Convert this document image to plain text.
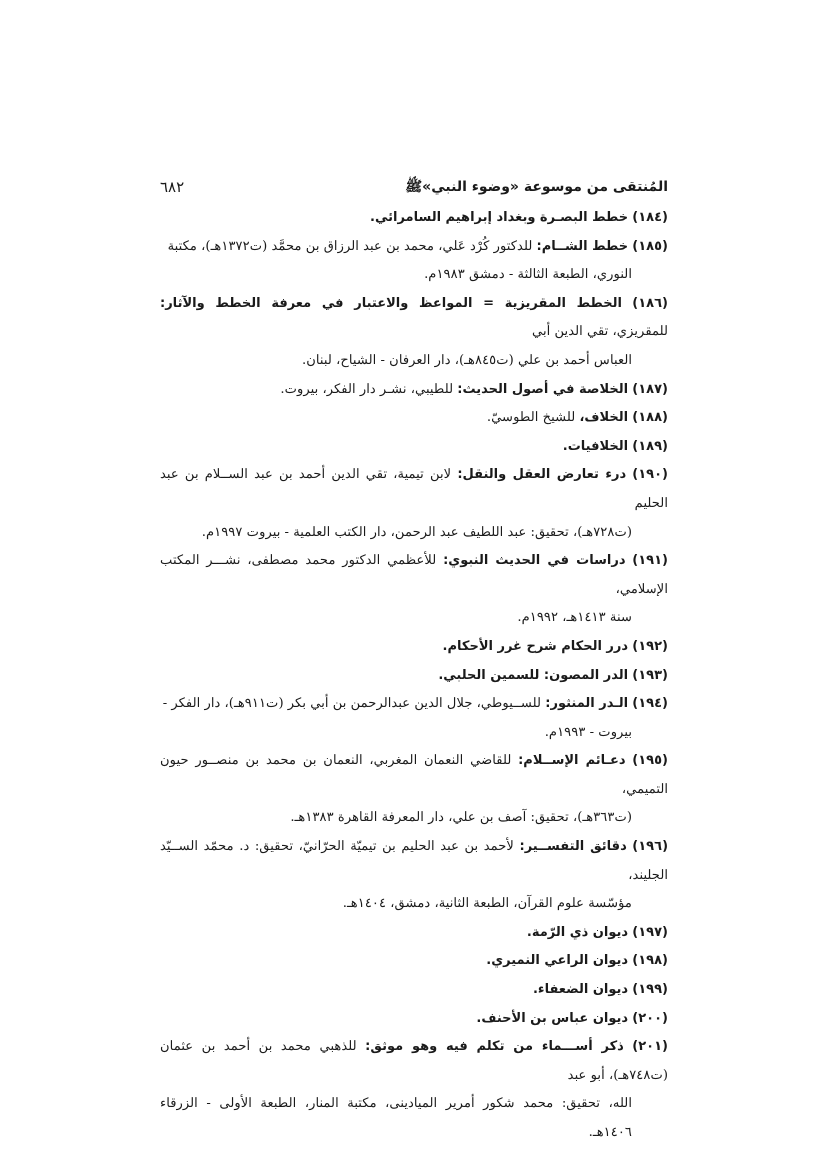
المُنتقى من موسوعة «وضوء النبي»ﷺ
٦٨٢

(١٨٤) خطط البصـرة وبغداد إبراهيم السامرائي.

(١٨٥) خطط الشــام: للدكتور كُرْد عَلي، محمد بن عبد الرزاق بن محمَّد (ت١٣٧٢هـ)، مكتبة
النوري، الطبعة الثالثة - دمشق ١٩٨٣م.

(١٨٦) الخطط المقريزية = المواعظ والاعتبار في معرفة الخطط والآثار: للمقريزي، تقي الدين أبي
العباس أحمد بن علي (ت٨٤٥هـ)، دار العرفان - الشياح، لبنان.

(١٨٧) الخلاصة في أصول الحديث: للطيبي، نشـر دار الفكر، بيروت.

(١٨٨) الخلاف، للشيخ الطوسيّ.

(١٨٩) الخلافيات.

(١٩٠) درء تعارض العقل والنقل: لابن تيمية، تقي الدين أحمد بن عبد الســلام بن عبد الحليم
(ت٧٢٨هـ)، تحقيق: عبد اللطيف عبد الرحمن، دار الكتب العلمية - بيروت ١٩٩٧م.

(١٩١) دراسات في الحديث النبوي: للأعظمي الدكتور محمد مصطفى، نشـــر المكتب الإسلامي،
سنة ١٤١٣هـ، ١٩٩٢م.

(١٩٢) درر الحكام شرح غرر الأحكام.

(١٩٣) الدر المصون: للسمين الحلبي.

(١٩٤) الـدر المنثور: للســيوطي، جلال الدين عبدالرحمن بن أبي بكر (ت٩١١هـ)، دار الفكر -
بيروت - ١٩٩٣م.

(١٩٥) دعـائم الإســلام: للقاضي النعمان المغربي، النعمان بن محمد بن منصــور حيون التميمي،
(ت٣٦٣هـ)، تحقيق: آصف بن علي، دار المعرفة القاهرة ١٣٨٣هـ.

(١٩٦) دقائق التفســير: لأحمد بن عبد الحليم بن تيميّة الحرّانيّ، تحقيق: د. محمّد الســيّد الجليند،
مؤسّسة علوم القرآن، الطبعة الثانية، دمشق، ١٤٠٤هـ.

(١٩٧) ديوان ذي الرّمة.

(١٩٨) ديوان الراعي النميري.

(١٩٩) ديوان الضعفاء.

(٢٠٠) ديوان عباس بن الأحنف.

(٢٠١) ذكر أســـماء من تكلم فيه وهو موثق: للذهبي محمد بن أحمد بن عثمان (ت٧٤٨هـ)، أبو عبد
الله، تحقيق: محمد شكور أمرير الميادينى، مكتبة المنار، الطبعة الأولى - الزرقاء ١٤٠٦هـ.
